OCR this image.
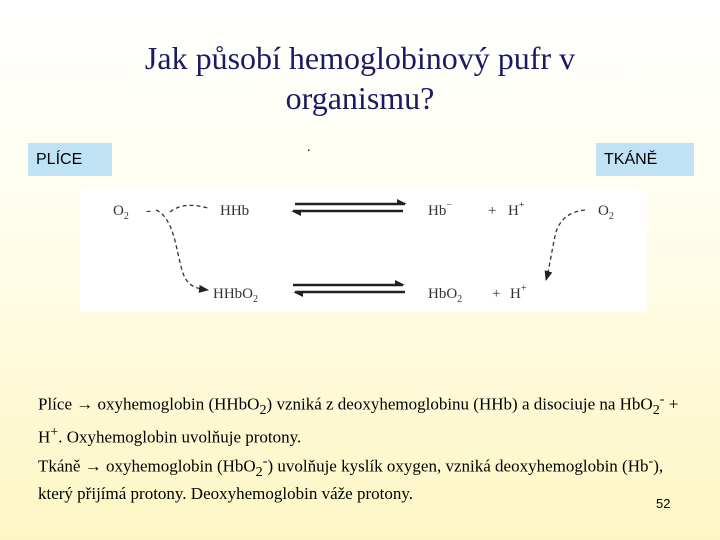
Jak působí hemoglobinový pufr v
organismu?
PLÍCE
.
TKÁNĚ
$O_2$ -	HHb	Hb− + H+	$O_2$
HHbO$_2$	HbO$_2$ + H+
Plíce → oxyhemoglobin (HHbO$_2$) vzniká z deoxyhemoglobinu (HHb) a disociuje na HbO$_2$- + H+. Oxyhemoglobin uvolňuje protony.
Tkáně → oxyhemoglobin (HbO$_2$-) uvolňuje kyslík oxygen, vzniká deoxyhemoglobin (Hb-), který přijímá protony. Deoxyhemoglobin váže protony.
52
